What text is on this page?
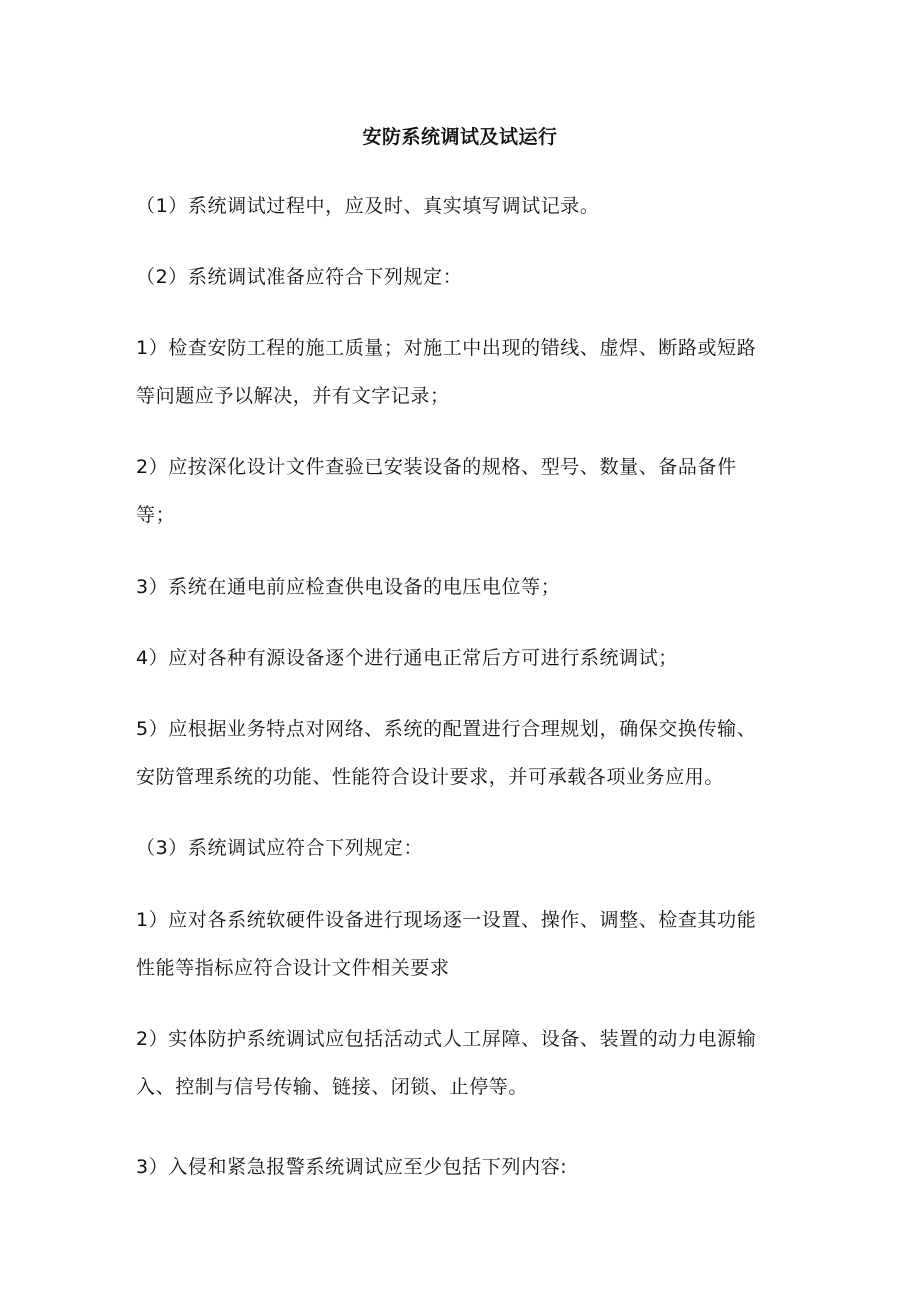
安防系统调试及试运行
（1）系统调试过程中，应及时、真实填写调试记录。
（2）系统调试准备应符合下列规定：
1）检查安防工程的施工质量；对施工中出现的错线、虚焊、断路或短路
等问题应予以解决，并有文字记录；
2）应按深化设计文件查验已安装设备的规格、型号、数量、备品备件
等；
3）系统在通电前应检查供电设备的电压电位等；
4）应对各种有源设备逐个进行通电正常后方可进行系统调试；
5）应根据业务特点对网络、系统的配置进行合理规划，确保交换传输、
安防管理系统的功能、性能符合设计要求，并可承载各项业务应用。
（3）系统调试应符合下列规定：
1）应对各系统软硬件设备进行现场逐一设置、操作、调整、检查其功能
性能等指标应符合设计文件相关要求
2）实体防护系统调试应包括活动式人工屏障、设备、装置的动力电源输
入、控制与信号传输、链接、闭锁、止停等。
3）入侵和紧急报警系统调试应至少包括下列内容:
